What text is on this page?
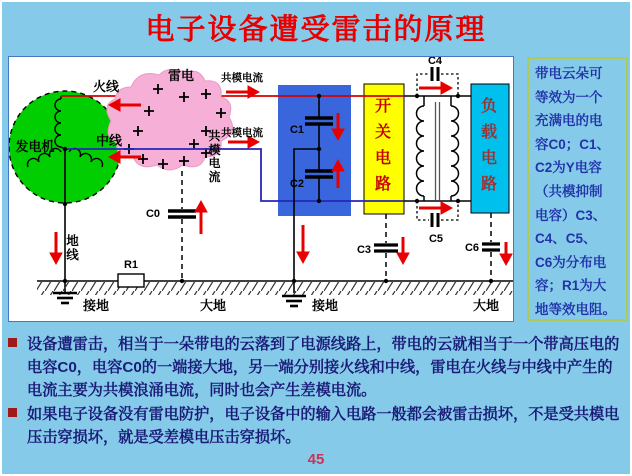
电子设备遭受雷击的原理
火线
雷电	共模电流
共模电流
发电机	中线
C1
C2
C0
C3
C4
C5
C6
R1
接地	大地	接地	大地
开关电路
负载电路
共模电流
地线
带电云朵可
等效为一个
充满电的电
容C0；C1、
C2为Y电容
（共模抑制
电容）C3、
C4、C5、
C6为分布电
容；R1为大
地等效电阻。
设备遭雷击，相当于一朵带电的云落到了电源线路上，带电的云就相当于一个带高压电的电容C0，电容C0的一端接大地，另一端分别接火线和中线，雷电在火线与中线中产生的电流主要为共模浪涌电流，同时也会产生差模电流。
如果电子设备没有雷电防护，电子设备中的输入电路一般都会被雷击损坏，不是受共模电压击穿损坏，就是受差模电压击穿损坏。
45
